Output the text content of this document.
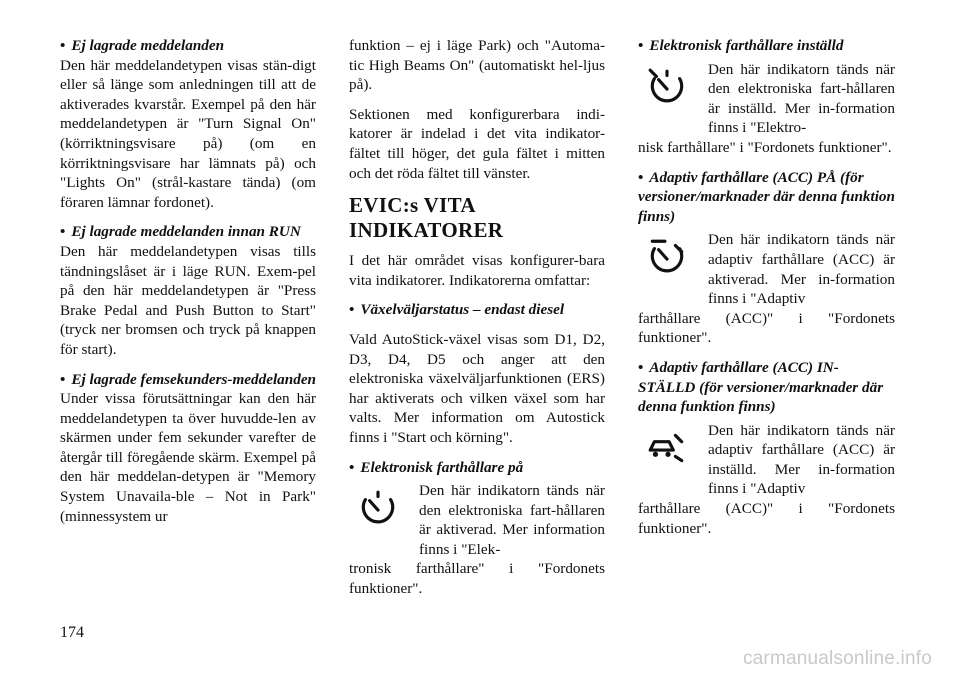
• Ej lagrade meddelanden

Den här meddelandetypen visas stän-digt eller så länge som anledningen till att de aktiverades kvarstår. Exempel på den här meddelandetypen är "Turn Signal On" (körriktningsvisare på) (om en körriktningsvisare har lämnats på) och "Lights On" (strål-kastare tända) (om föraren lämnar fordonet).

• Ej lagrade meddelanden innan RUN

Den här meddelandetypen visas tills tändningslåset är i läge RUN. Exem-pel på den här meddelandetypen är "Press Brake Pedal and Push Button to Start" (tryck ner bromsen och tryck på knappen för start).

• Ej lagrade femsekunders-meddelanden

Under vissa förutsättningar kan den här meddelandetypen ta över huvudde-len av skärmen under fem sekunder varefter de återgår till föregående skärm. Exempel på den här meddelan-detypen är "Memory System Unavaila-ble – Not in Park" (minnessystem ur

funktion – ej i läge Park) och "Automa-tic High Beams On" (automatiskt hel-ljus på).

Sektionen med konfigurerbara indi-katorer är indelad i det vita indikator-fältet till höger, det gula fältet i mitten och det röda fältet till vänster.

EVIC:s VITA INDIKATORER

I det här området visas konfigurer-bara vita indikatorer. Indikatorerna omfattar:

• Växelväljarstatus – endast diesel

Vald AutoStick-växel visas som D1, D2, D3, D4, D5 och anger att den elektroniska växelväljarfunktionen (ERS) har aktiverats och vilken växel som har valts. Mer information om Autostick finns i "Start och körning".

• Elektronisk farthållare på

Den här indikatorn tänds när den elektroniska fart-hållaren är aktiverad. Mer information finns i "Elek-

tronisk farthållare" i "Fordonets funktioner".

• Elektronisk farthållare inställd

Den här indikatorn tänds när den elektroniska fart-hållaren är inställd. Mer in-formation finns i "Elektro-

nisk farthållare" i "Fordonets funktioner".

• Adaptiv farthållare (ACC) PÅ (för versioner/marknader där denna funktion finns)

Den här indikatorn tänds när adaptiv farthållare (ACC) är aktiverad. Mer in-formation finns i "Adaptiv

farthållare (ACC)" i "Fordonets funktioner".

• Adaptiv farthållare (ACC) IN-STÄLLD (för versioner/marknader där denna funktion finns)

Den här indikatorn tänds när adaptiv farthållare (ACC) är inställd. Mer in-formation finns i "Adaptiv

farthållare (ACC)" i "Fordonets funktioner".

174
carmanualsonline.info
